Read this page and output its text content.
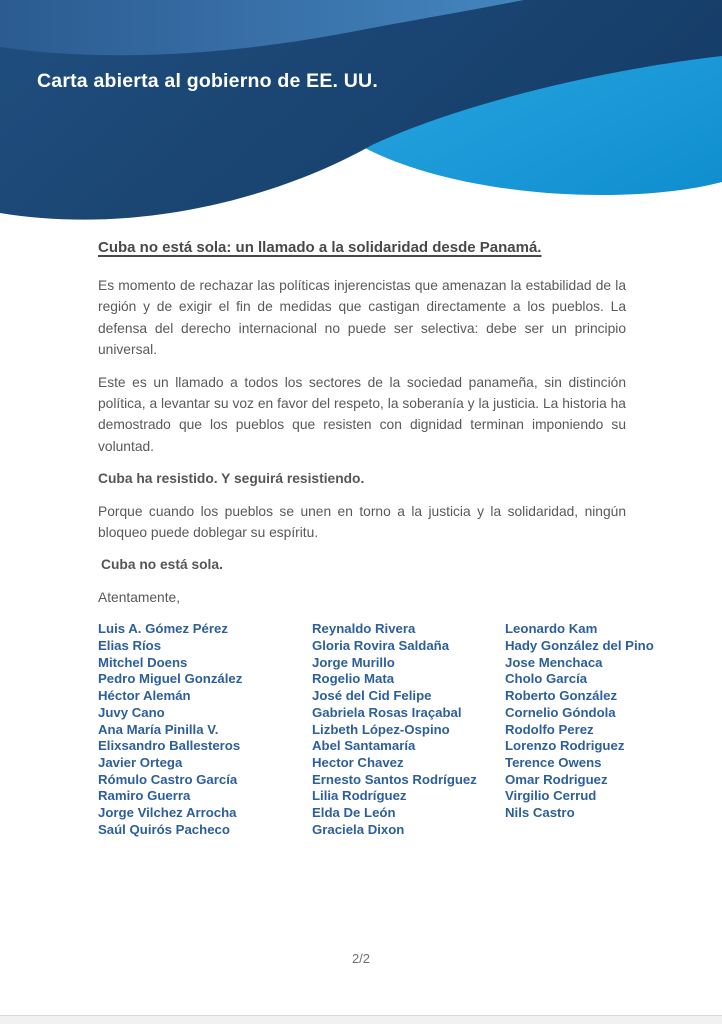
Carta abierta al gobierno de EE. UU.
Cuba no está sola: un llamado a la solidaridad desde Panamá.

Es momento de rechazar las políticas injerencistas que amenazan la estabilidad de la región y de exigir el fin de medidas que castigan directamente a los pueblos. La defensa del derecho internacional no puede ser selectiva: debe ser un principio universal.

Este es un llamado a todos los sectores de la sociedad panameña, sin distinción política, a levantar su voz en favor del respeto, la soberanía y la justicia. La historia ha demostrado que los pueblos que resisten con dignidad terminan imponiendo su voluntad.

Cuba ha resistido. Y seguirá resistiendo.

Porque cuando los pueblos se unen en torno a la justicia y la solidaridad, ningún bloqueo puede doblegar su espíritu.

Cuba no está sola.

Atentamente,

Luis A. Gómez Pérez
Elias Ríos
Mitchel Doens
Pedro Miguel González
Héctor Alemán
Juvy Cano
Ana María Pinilla V.
Elixsandro Ballesteros
Javier Ortega
Rómulo Castro García
Ramiro Guerra
Jorge Vilchez Arrocha
Saúl Quirós Pacheco
Reynaldo Rivera
Gloria Rovira Saldaña
Jorge Murillo
Rogelio Mata
José del Cid Felipe
Gabriela Rosas Iraçabal
Lizbeth López-Ospino
Abel Santamaría
Hector Chavez
Ernesto Santos Rodríguez
Lilia Rodríguez
Elda De León
Graciela Dixon
Leonardo Kam
Hady González del Pino
Jose Menchaca
Cholo García
Roberto González
Cornelio Góndola
Rodolfo Perez
Lorenzo Rodriguez
Terence Owens
Omar Rodriguez
Virgilio Cerrud
Nils Castro
2/2
